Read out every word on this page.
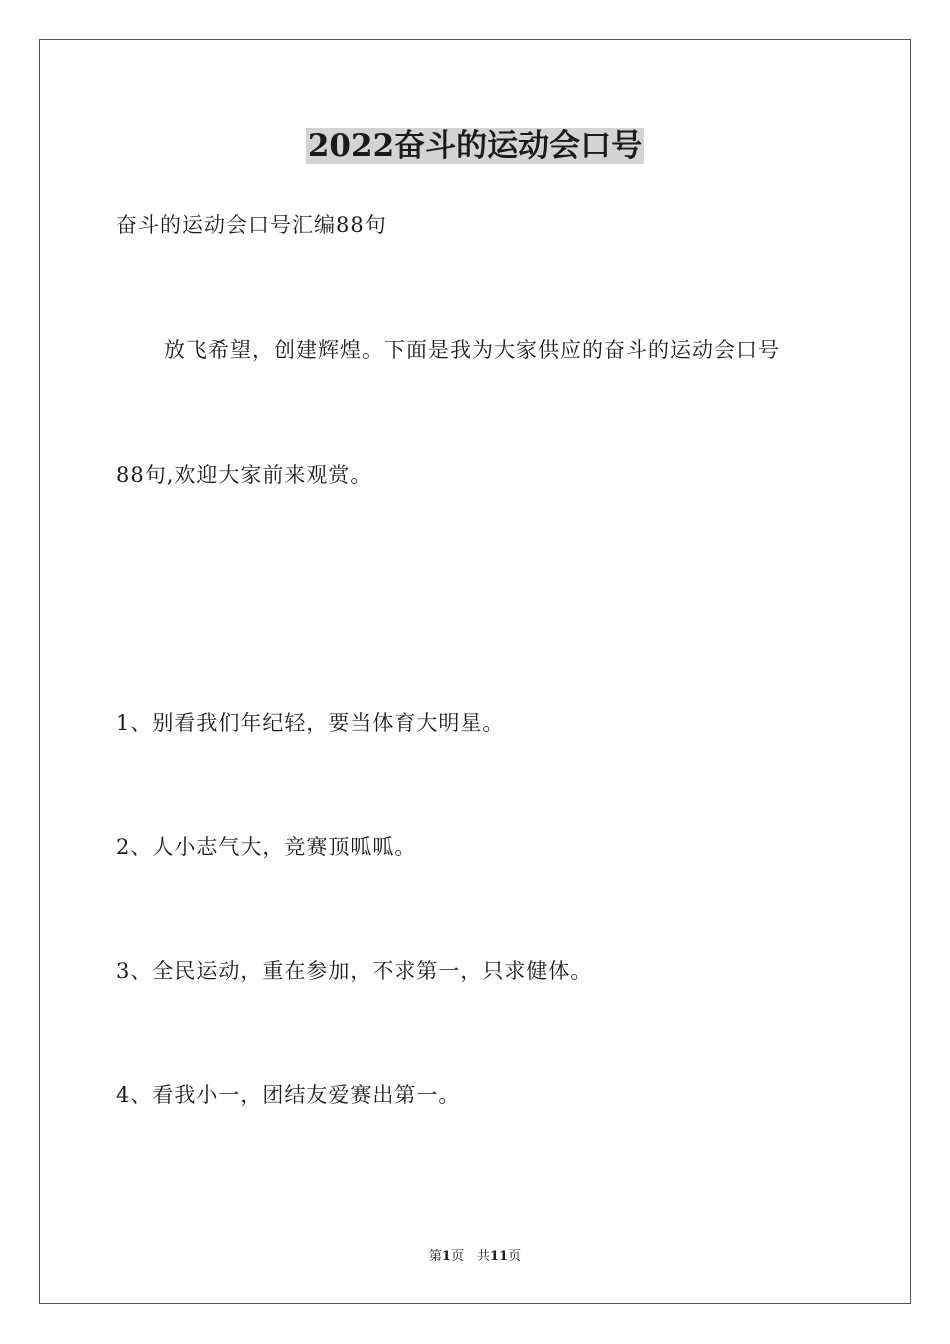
2022奋斗的运动会口号
奋斗的运动会口号汇编88句
放飞希望，创建辉煌。下面是我为大家供应的奋斗的运动会口号
88句,欢迎大家前来观赏。
1、别看我们年纪轻，要当体育大明星。
2、人小志气大，竞赛顶呱呱。
3、全民运动，重在参加，不求第一，只求健体。
4、看我小一，团结友爱赛出第一。
第1页　共11页
